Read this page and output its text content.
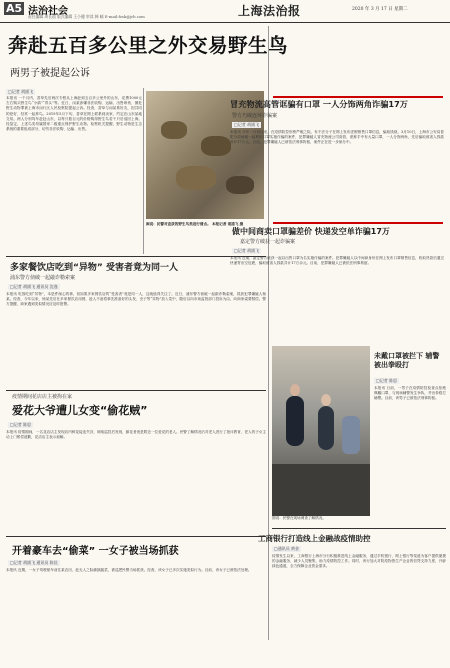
A5 法治社会
责任编辑 周长禧 版式编辑 王小健 审读 韩 邮 E-mail:fzsh@jrb.com	上海法治报	2020 年 3 月 17 日 星期二
奔赴五百多公里之外交易野生鸟
两男子被提起公诉
□记者 胡浦飞
本报讯 一个月内，香草先后两次专程从上海赶到五百多公里外的山东，花费1000元左右购买野生鸟“小鹞”“青头”等。近日，闵某涉嫌非法收购、运输、出售珍贵、濒危野生动物罪被上海市闵行区人民检察院提起公诉。经查，香草与闵某系好友，因共同的爱好，经常一起养鸟。2019年5月下旬，香草在网上联系到卖家，约定在山东某地交易。两人分别驾车赶赴山东，以每只数百元的价格购得野生鸟若干只后返回上海。经鉴定，上述鸟类均属国家二级重点保护野生动物。检察机关提醒，野生动物是生态系统的重要组成部分，切勿非法收购、运输、出售。
图说：民警对查获的野生鸟类进行清点。 本报记者 胡浦飞 摄
冒充物流高管诓骗有口罩 一人分饰两角诈骗17万
警方巧破连环诈骗案
□记者 胡浦飞
本报讯 今年一月份以来，在疫情防控形势严峻之际，有不法分子在网上发布虚假销售口罩信息，骗取钱财。3月10日，上海市公安局普陀分局侦破一起利用口罩实施诈骗的案件，犯罪嫌疑人冒充物流公司高管，谎称手中有大量口罩，一人分饰两角，先后骗取被害人钱款共计17万元。目前，犯罪嫌疑人已被依法刑事拘留，案件正在进一步侦办中。
做中间商卖口罩骗差价 快递发空单诈骗17万
嘉定警方破获一起诈骗案
□记者 胡浦飞
本报讯 近期，嘉定警方破获一起以出售口罩为名实施诈骗的案件。犯罪嫌疑人以中间商身份在网上发布口罩销售信息，收取货款后通过快递寄出空包裹，骗取被害人钱款共计17万余元。目前，犯罪嫌疑人已被依法刑事拘留。
多家餐饮店吃到“异物” 受害者竟为同一人
浦东警方侦破一起敲诈勒索案
□记者 胡浦飞 通讯员 沈逸
本报讯 吃饭吃到“异物”，本是件闹心的事，但如果多家餐饮店的“受害者”竟是同一人，这就值得关注了。近日，浦东警方侦破一起敲诈勒索案，抓获犯罪嫌疑人杨某。经查，今年以来，杨某先后在多家餐饮店用餐，趁人不备将事先准备好的头发、虫子等“异物”放入菜中，随后以向市场监管部门投诉为由，向商家索要赔偿。警方提醒，商家遇到类似情况应及时报警。
疫情期间花店店主被拘在家
爱花大爷遭儿女变“偷花贼”
□记者 陈思
本报讯 疫情期间，一名花店店主发现店内鲜花接连失窃，调取监控后发现，偷花者竟是附近一位爱花的老人。民警了解情况后对老人进行了批评教育，老人的子女主动上门赔偿道歉，花店店主表示谅解。
图说：民警在现场调查了解情况。
未戴口罩被拦下 辅警被出拳殴打
□记者 陈思
本报讯 日前，一男子在疫情防控检查点拒绝佩戴口罩，与现场辅警发生争执，并出拳殴打辅警。目前，该男子已被依法刑事拘留。
开着豪车去“偷菜” 一女子被当场抓获
□记者 胡浦飞 通讯员 陈佳
本报讯 近期，一女子驾驶豪车前往某农田，趁无人之际偷摘蔬菜，被巡逻民警当场抓获。经查，该女子已多次实施类似行为。目前，该女子已被依法处理。
工商银行打造线上金融战疫情助控
□通讯员 黄金
疫情发生以来，工商银行上海市分行积极推进线上金融服务，通过手机银行、网上银行等渠道为客户提供便捷的金融服务，减少人员聚集，助力疫情防控工作。同时，该行加大对防疫物资生产企业的信贷支持力度，开辟绿色通道，全力保障企业资金需求。
